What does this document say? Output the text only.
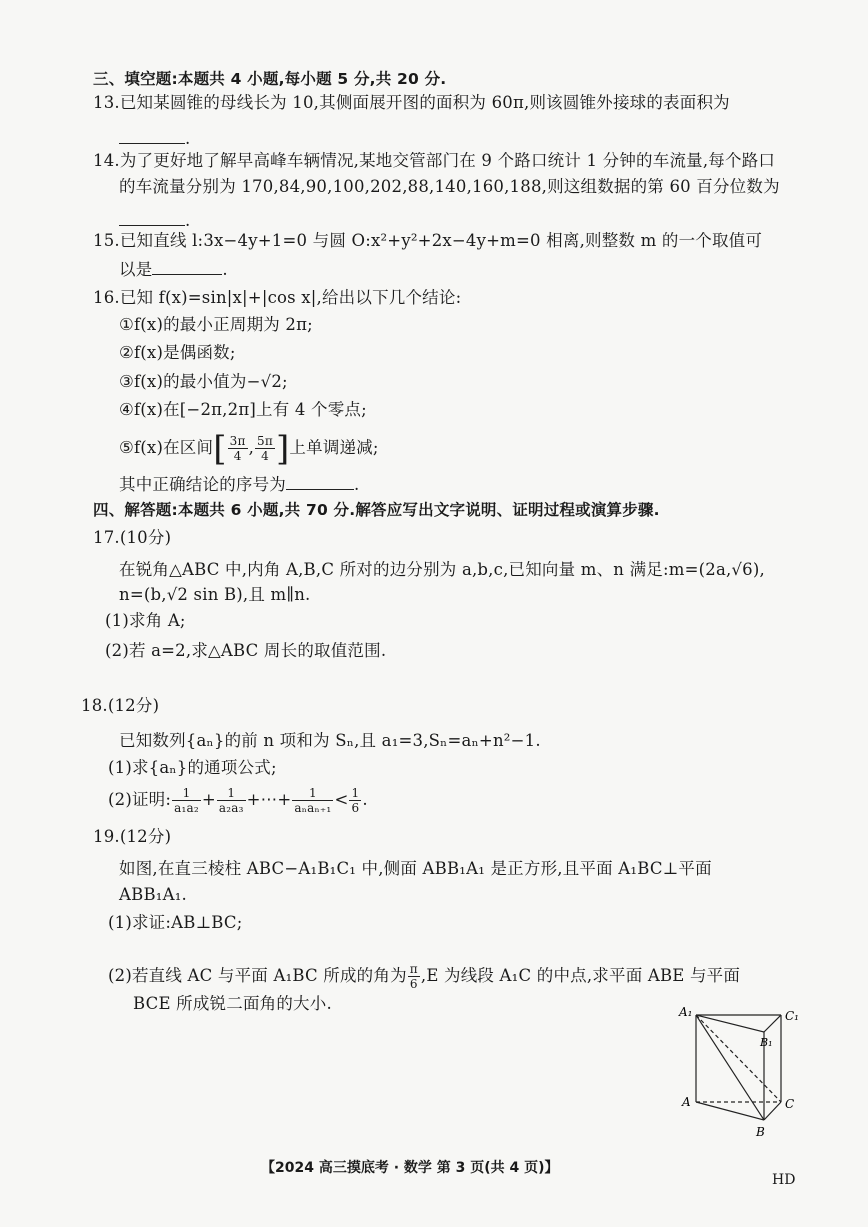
三、填空题:本题共 4 小题,每小题 5 分,共 20 分.
13.已知某圆锥的母线长为 10,其侧面展开图的面积为 60π,则该圆锥外接球的表面积为
.
14.为了更好地了解早高峰车辆情况,某地交管部门在 9 个路口统计 1 分钟的车流量,每个路口
的车流量分别为 170,84,90,100,202,88,140,160,188,则这组数据的第 60 百分位数为
.
15.已知直线 l:3x−4y+1=0 与圆 O:x²+y²+2x−4y+m=0 相离,则整数 m 的一个取值可
以是	.
16.已知 f(x)=sin|x|+|cos x|,给出以下几个结论:
①f(x)的最小正周期为 2π;
②f(x)是偶函数;
③f(x)的最小值为−√2;
④f(x)在[−2π,2π]上有 4 个零点;
⑤f(x)在区间[ $\frac{3\pi}{4}$ , $\frac{5\pi}{4}$ ]上单调递减;
其中正确结论的序号为	.
四、解答题:本题共 6 小题,共 70 分.解答应写出文字说明、证明过程或演算步骤.
17.(10分)
在锐角△ABC 中,内角 A,B,C 所对的边分别为 a,b,c,已知向量 m、n 满足:m=(2a,√6),
n=(b,√2 sin B),且 m∥n.
(1)求角 A;
(2)若 a=2,求△ABC 周长的取值范围.
18.(12分)
已知数列{aₙ}的前 n 项和为 Sₙ,且 a₁=3,Sₙ=aₙ+n²−1.
(1)求{aₙ}的通项公式;
(2)证明: $\frac{1}{\text{a₁a₂}} + \frac{1}{\text{a₂a₃}}$ +⋯+ $\frac{1}{\text{aₙaₙ₊₁}} < \frac{1}{6}$ .
19.(12分)
如图,在直三棱柱 ABC−A₁B₁C₁ 中,侧面 ABB₁A₁ 是正方形,且平面 A₁BC⊥平面
ABB₁A₁.
(1)求证:AB⊥BC;
(2)若直线 AC 与平面 A₁BC 所成的角为 $\frac{\pi}{6} ,E$ 为线段 A₁C 的中点,求平面 ABE 与平面
BCE 所成锐二面角的大小.	A₁	C₁
B₁
A	C
B
【2024 高三摸底考 · 数学 第 3 页(共 4 页)】
HD
